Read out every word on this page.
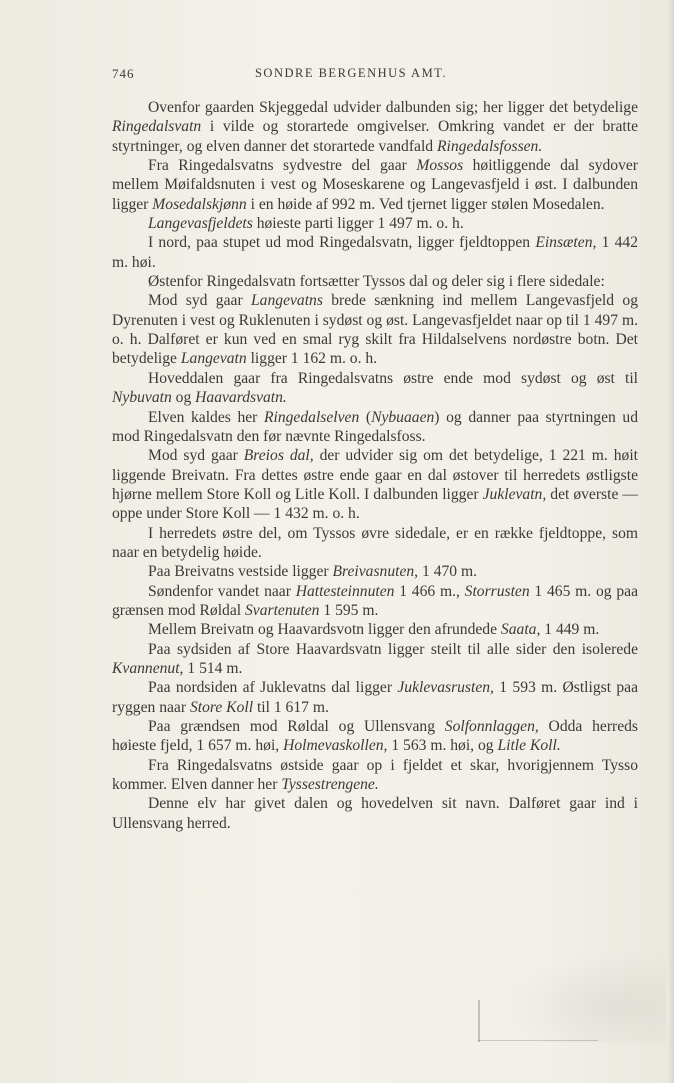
746	SONDRE BERGENHUS AMT.

Ovenfor gaarden Skjeggedal udvider dalbunden sig; her ligger det betydelige Ringedalsvatn i vilde og storartede omgivelser. Omkring vandet er der bratte styrtninger, og elven danner det storartede vandfald Ringedalsfossen.

Fra Ringedalsvatns sydvestre del gaar Mossos høitliggende dal sydover mellem Møifaldsnuten i vest og Moseskarene og Langevasfjeld i øst. I dalbunden ligger Mosedalskjønn i en høide af 992 m. Ved tjernet ligger stølen Mosedalen.

Langevasfjeldets høieste parti ligger 1 497 m. o. h.

I nord, paa stupet ud mod Ringedalsvatn, ligger fjeldtoppen Einsæten, 1 442 m. høi.

Østenfor Ringedalsvatn fortsætter Tyssos dal og deler sig i flere sidedale:

Mod syd gaar Langevatns brede sænkning ind mellem Langevasfjeld og Dyrenuten i vest og Ruklenuten i sydøst og øst. Langevasfjeldet naar op til 1 497 m. o. h. Dalføret er kun ved en smal ryg skilt fra Hildalselvens nordøstre botn. Det betydelige Langevatn ligger 1 162 m. o. h.

Hoveddalen gaar fra Ringedalsvatns østre ende mod sydøst og øst til Nybuvatn og Haavardsvatn.

Elven kaldes her Ringedalselven (Nybuaaen) og danner paa styrtningen ud mod Ringedalsvatn den før nævnte Ringedalsfoss.

Mod syd gaar Breios dal, der udvider sig om det betydelige, 1 221 m. høit liggende Breivatn. Fra dettes østre ende gaar en dal østover til herredets østligste hjørne mellem Store Koll og Litle Koll. I dalbunden ligger Juklevatn, det øverste — oppe under Store Koll — 1 432 m. o. h.

I herredets østre del, om Tyssos øvre sidedale, er en række fjeldtoppe, som naar en betydelig høide.

Paa Breivatns vestside ligger Breivasnuten, 1 470 m.

Søndenfor vandet naar Hattesteinnuten 1 466 m., Storrusten 1 465 m. og paa grænsen mod Røldal Svartenuten 1 595 m.

Mellem Breivatn og Haavardsvotn ligger den afrundede Saata, 1 449 m.

Paa sydsiden af Store Haavardsvatn ligger steilt til alle sider den isolerede Kvannenut, 1 514 m.

Paa nordsiden af Juklevatns dal ligger Juklevasrusten, 1 593 m. Østligst paa ryggen naar Store Koll til 1 617 m.

Paa grændsen mod Røldal og Ullensvang Solfonnlaggen, Odda herreds høieste fjeld, 1 657 m. høi, Holmevaskollen, 1 563 m. høi, og Litle Koll.

Fra Ringedalsvatns østside gaar op i fjeldet et skar, hvorigjennem Tysso kommer. Elven danner her Tyssestrengene.

Denne elv har givet dalen og hovedelven sit navn. Dalføret gaar ind i Ullensvang herred.
